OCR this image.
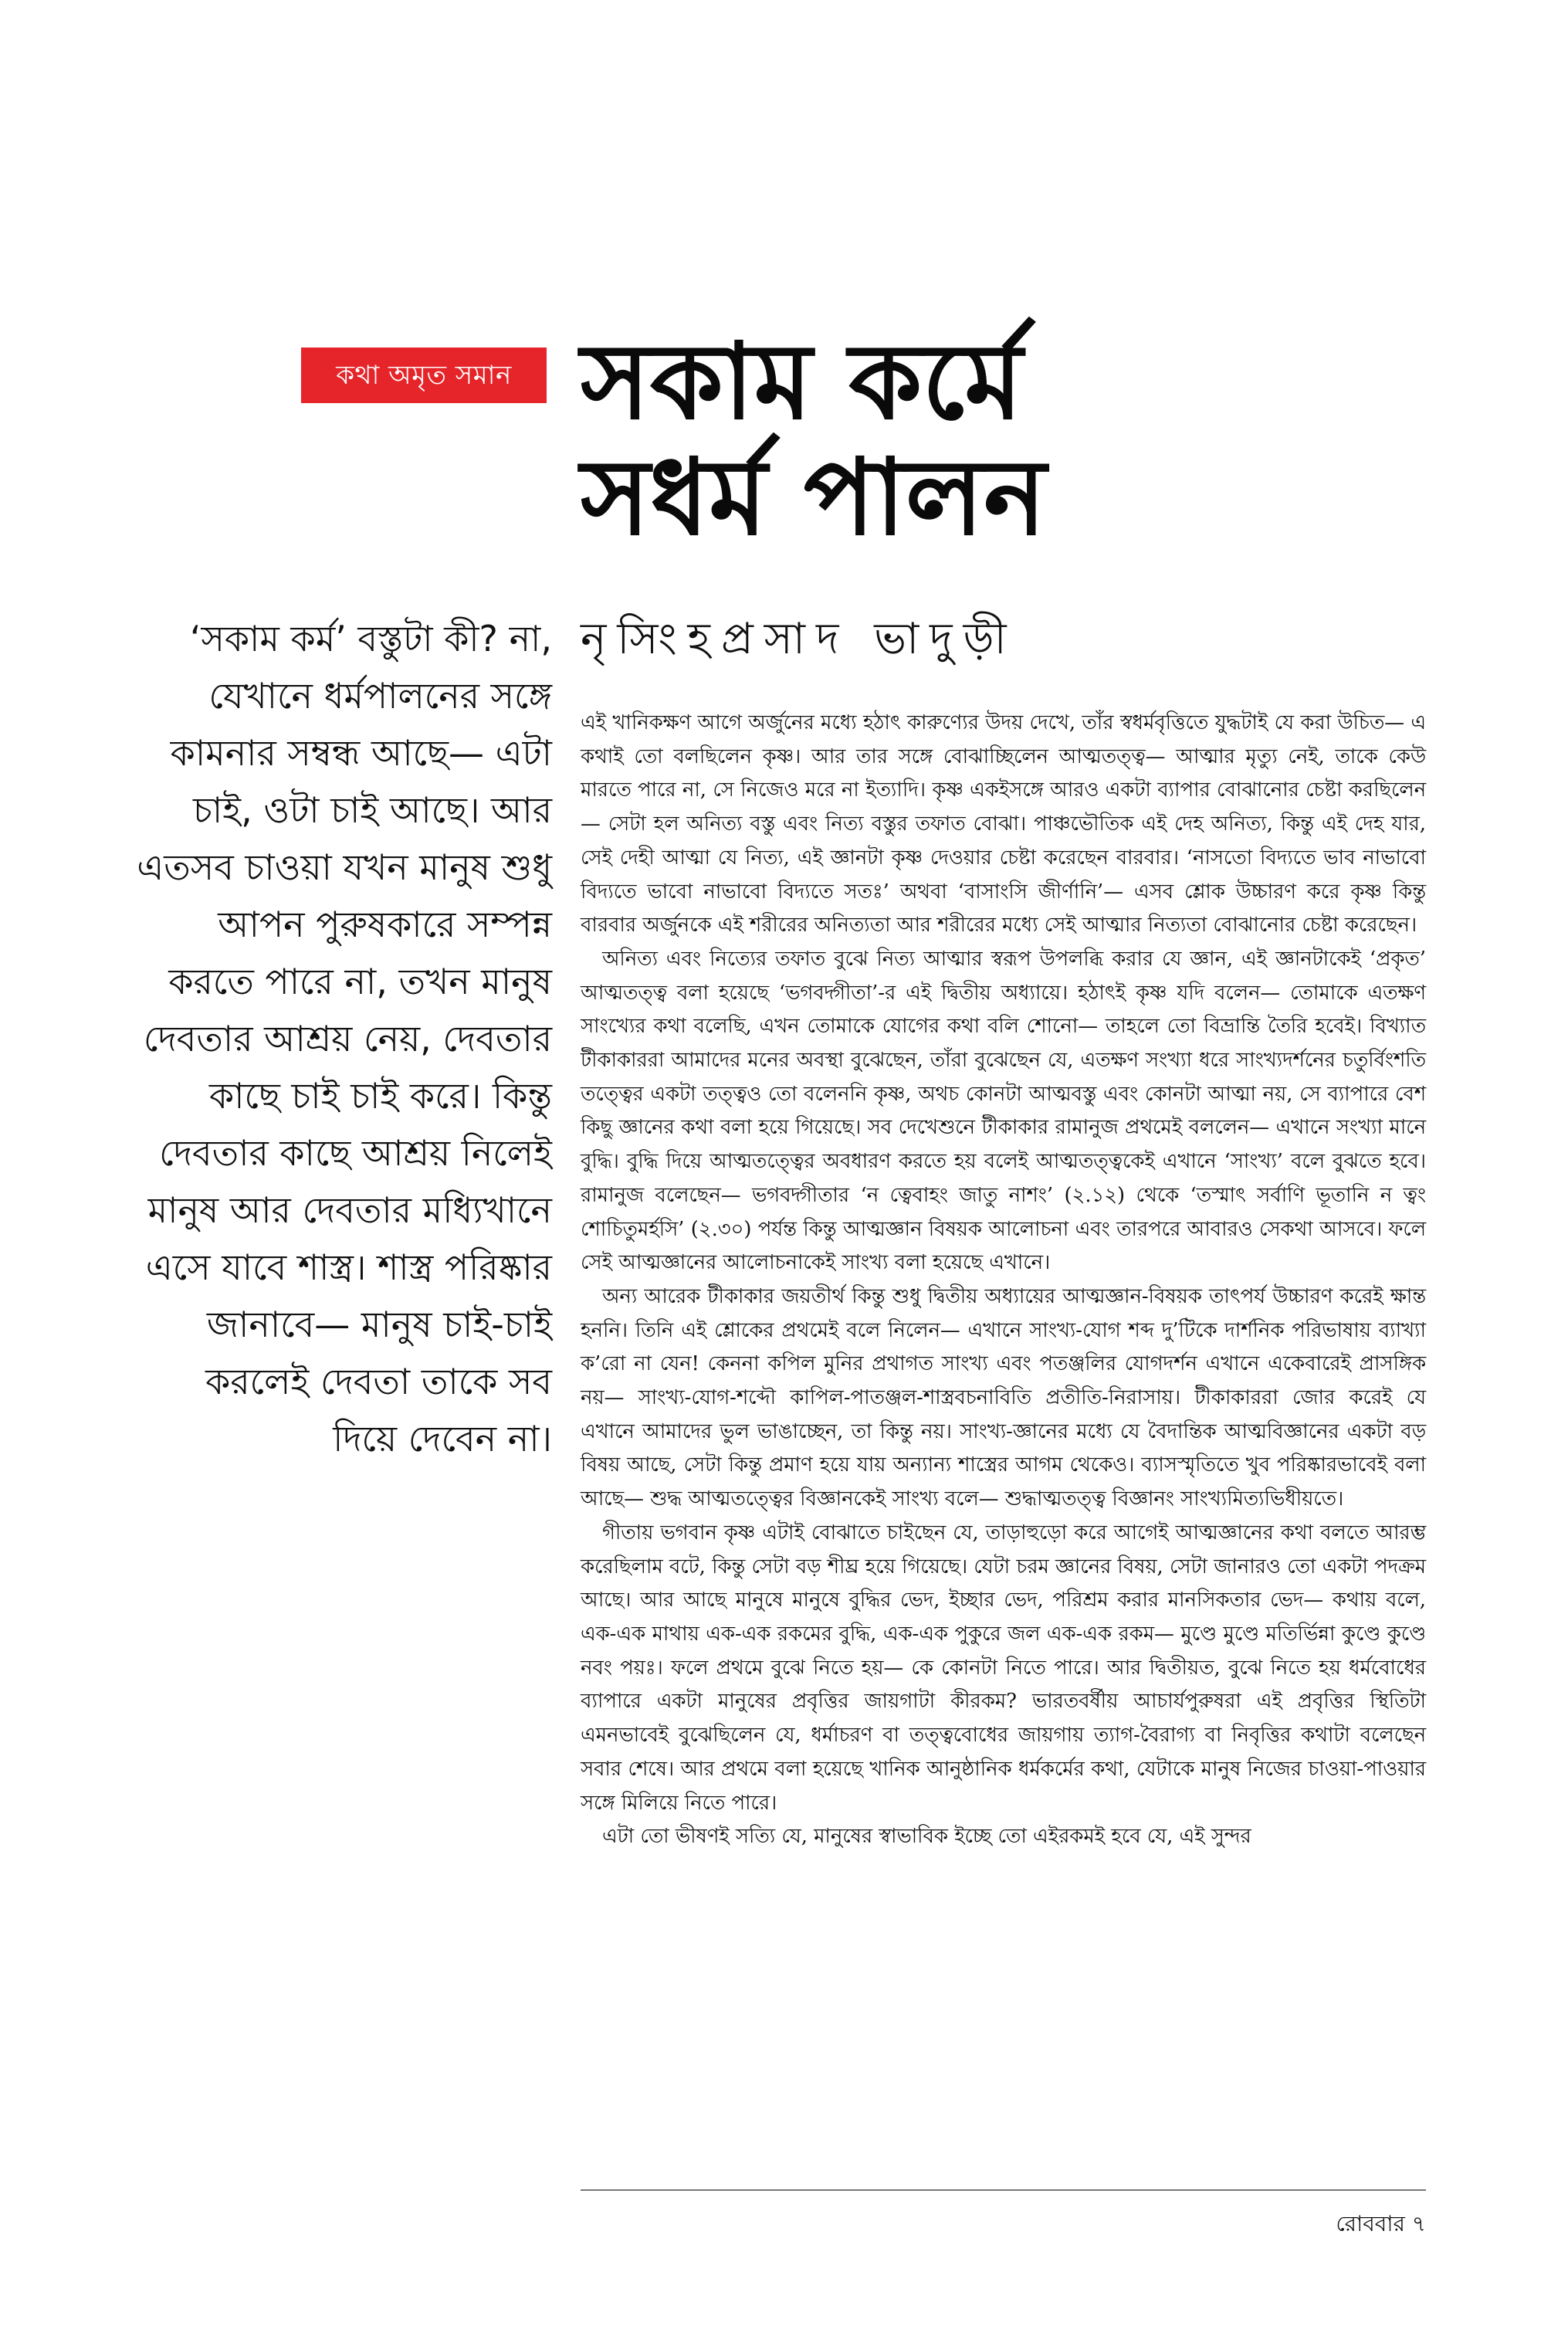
কথা অমৃত সমান সকাম কর্মে
সধর্ম পালন
নৃসিংহপ্রসাদ ভাদুড়ী

‘সকাম কর্ম’ বস্তুটা কী? না, যেখানে ধর্মপালনের সঙ্গে কামনার সম্বন্ধ আছে— এটা চাই, ওটা চাই আছে। আর এতসব চাওয়া যখন মানুষ শুধু আপন পুরুষকারে সম্পন্ন করতে পারে না, তখন মানুষ দেবতার আশ্রয় নেয়, দেবতার কাছে চাই চাই করে। কিন্তু দেবতার কাছে আশ্রয় নিলেই মানুষ আর দেবতার মধ্যিখানে এসে যাবে শাস্ত্র। শাস্ত্র পরিষ্কার জানাবে— মানুষ চাই-চাই করলেই দেবতা তাকে সব দিয়ে দেবেন না।

এই খানিকক্ষণ আগে অর্জুনের মধ্যে হঠাৎ কারুণ্যের উদয় দেখে, তাঁর স্বধর্মবৃত্তিতে যুদ্ধটাই যে করা উচিত— এ কথাই তো বলছিলেন কৃষ্ণ। আর তার সঙ্গে বোঝাচ্ছিলেন আত্মতত্ত্ব— আত্মার মৃত্যু নেই, তাকে কেউ মারতে পারে না, সে নিজেও মরে না ইত্যাদি। কৃষ্ণ একইসঙ্গে আরও একটা ব্যাপার বোঝানোর চেষ্টা করছিলেন— সেটা হল অনিত্য বস্তু এবং নিত্য বস্তুর তফাত বোঝা। পাঞ্চভৌতিক এই দেহ অনিত্য, কিন্তু এই দেহ যার, সেই দেহী আত্মা যে নিত্য, এই জ্ঞানটা কৃষ্ণ দেওয়ার চেষ্টা করেছেন বারবার। ‘নাসতো বিদ্যতে ভাব নাভাবো বিদ্যতে ভাবো নাভাবো বিদ্যতে সতঃ’ অথবা ‘বাসাংসি জীর্ণানি’— এসব শ্লোক উচ্চারণ করে কৃষ্ণ কিন্তু বারবার অর্জুনকে এই শরীরের অনিত্যতা আর শরীরের মধ্যে সেই আত্মার নিত্যতা বোঝানোর চেষ্টা করেছেন।

অনিত্য এবং নিত্যের তফাত বুঝে নিত্য আত্মার স্বরূপ উপলব্ধি করার যে জ্ঞান, এই জ্ঞানটাকেই ‘প্রকৃত’ আত্মতত্ত্ব বলা হয়েছে ‘ভগবদ্গীতা’-র এই দ্বিতীয় অধ্যায়ে। হঠাৎই কৃষ্ণ যদি বলেন— তোমাকে এতক্ষণ সাংখ্যের কথা বলেছি, এখন তোমাকে যোগের কথা বলি শোনো— তাহলে তো বিভ্রান্তি তৈরি হবেই। বিখ্যাত টীকাকাররা আমাদের মনের অবস্থা বুঝেছেন, তাঁরা বুঝেছেন যে, এতক্ষণ সংখ্যা ধরে সাংখ্যদর্শনের চতুর্বিংশতি তত্ত্বের একটা তত্ত্বও তো বলেননি কৃষ্ণ, অথচ কোনটা আত্মবস্তু এবং কোনটা আত্মা নয়, সে ব্যাপারে বেশ কিছু জ্ঞানের কথা বলা হয়ে গিয়েছে। সব দেখেশুনে টীকাকার রামানুজ প্রথমেই বললেন— এখানে সংখ্যা মানে বুদ্ধি। বুদ্ধি দিয়ে আত্মতত্ত্বের অবধারণ করতে হয় বলেই আত্মতত্ত্বকেই এখানে ‘সাংখ্য’ বলে বুঝতে হবে। রামানুজ বলেছেন— ভগবদ্গীতার ‘ন ত্বেবাহং জাতু নাশং’ (২.১২) থেকে ‘তস্মাৎ সর্বাণি ভূতানি ন ত্বং শোচিতুমর্হসি’ (২.৩০) পর্যন্ত কিন্তু আত্মজ্ঞান বিষয়ক আলোচনা এবং তারপরে আবারও সেকথা আসবে। ফলে সেই আত্মজ্ঞানের আলোচনাকেই সাংখ্য বলা হয়েছে এখানে।

অন্য আরেক টীকাকার জয়তীর্থ কিন্তু শুধু দ্বিতীয় অধ্যায়ের আত্মজ্ঞান-বিষয়ক তাৎপর্য উচ্চারণ করেই ক্ষান্ত হননি। তিনি এই শ্লোকের প্রথমেই বলে নিলেন— এখানে সাংখ্য-যোগ শব্দ দু’টিকে দার্শনিক পরিভাষায় ব্যাখ্যা ক’রো না যেন! কেননা কপিল মুনির প্রথাগত সাংখ্য এবং পতঞ্জলির যোগদর্শন এখানে একেবারেই প্রাসঙ্গিক নয়— সাংখ্য-যোগ-শব্দৌ কাপিল-পাতঞ্জল-শাস্ত্রবচনাবিতি প্রতীতি-নিরাসায়। টীকাকাররা জোর করেই যে এখানে আমাদের ভুল ভাঙাচ্ছেন, তা কিন্তু নয়। সাংখ্য-জ্ঞানের মধ্যে যে বৈদান্তিক আত্মবিজ্ঞানের একটা বড় বিষয় আছে, সেটা কিন্তু প্রমাণ হয়ে যায় অন্যান্য শাস্ত্রের আগম থেকেও। ব্যাসস্মৃতিতে খুব পরিষ্কারভাবেই বলা আছে— শুদ্ধ আত্মতত্ত্বের বিজ্ঞানকেই সাংখ্য বলে— শুদ্ধাত্মতত্ত্ব বিজ্ঞানং সাংখ্যমিত্যভিধীয়তে।

গীতায় ভগবান কৃষ্ণ এটাই বোঝাতে চাইছেন যে, তাড়াহুড়ো করে আগেই আত্মজ্ঞানের কথা বলতে আরম্ভ করেছিলাম বটে, কিন্তু সেটা বড় শীঘ্র হয়ে গিয়েছে। যেটা চরম জ্ঞানের বিষয়, সেটা জানারও তো একটা পদক্রম আছে। আর আছে মানুষে মানুষে বুদ্ধির ভেদ, ইচ্ছার ভেদ, পরিশ্রম করার মানসিকতার ভেদ— কথায় বলে, এক-এক মাথায় এক-এক রকমের বুদ্ধি, এক-এক পুকুরে জল এক-এক রকম— মুণ্ডে মুণ্ডে মতির্ভিন্না কুণ্ডে কুণ্ডে নবং পয়ঃ। ফলে প্রথমে বুঝে নিতে হয়— কে কোনটা নিতে পারে। আর দ্বিতীয়ত, বুঝে নিতে হয় ধর্মবোধের ব্যাপারে একটা মানুষের প্রবৃত্তির জায়গাটা কীরকম? ভারতবর্ষীয় আচার্যপুরুষরা এই প্রবৃত্তির স্থিতিটা এমনভাবেই বুঝেছিলেন যে, ধর্মাচরণ বা তত্ত্ববোধের জায়গায় ত্যাগ-বৈরাগ্য বা নিবৃত্তির কথাটা বলেছেন সবার শেষে। আর প্রথমে বলা হয়েছে খানিক আনুষ্ঠানিক ধর্মকর্মের কথা, যেটাকে মানুষ নিজের চাওয়া-পাওয়ার সঙ্গে মিলিয়ে নিতে পারে।

এটা তো ভীষণই সত্যি যে, মানুষের স্বাভাবিক ইচ্ছে তো এইরকমই হবে যে, এই সুন্দর

রোববার ৭
